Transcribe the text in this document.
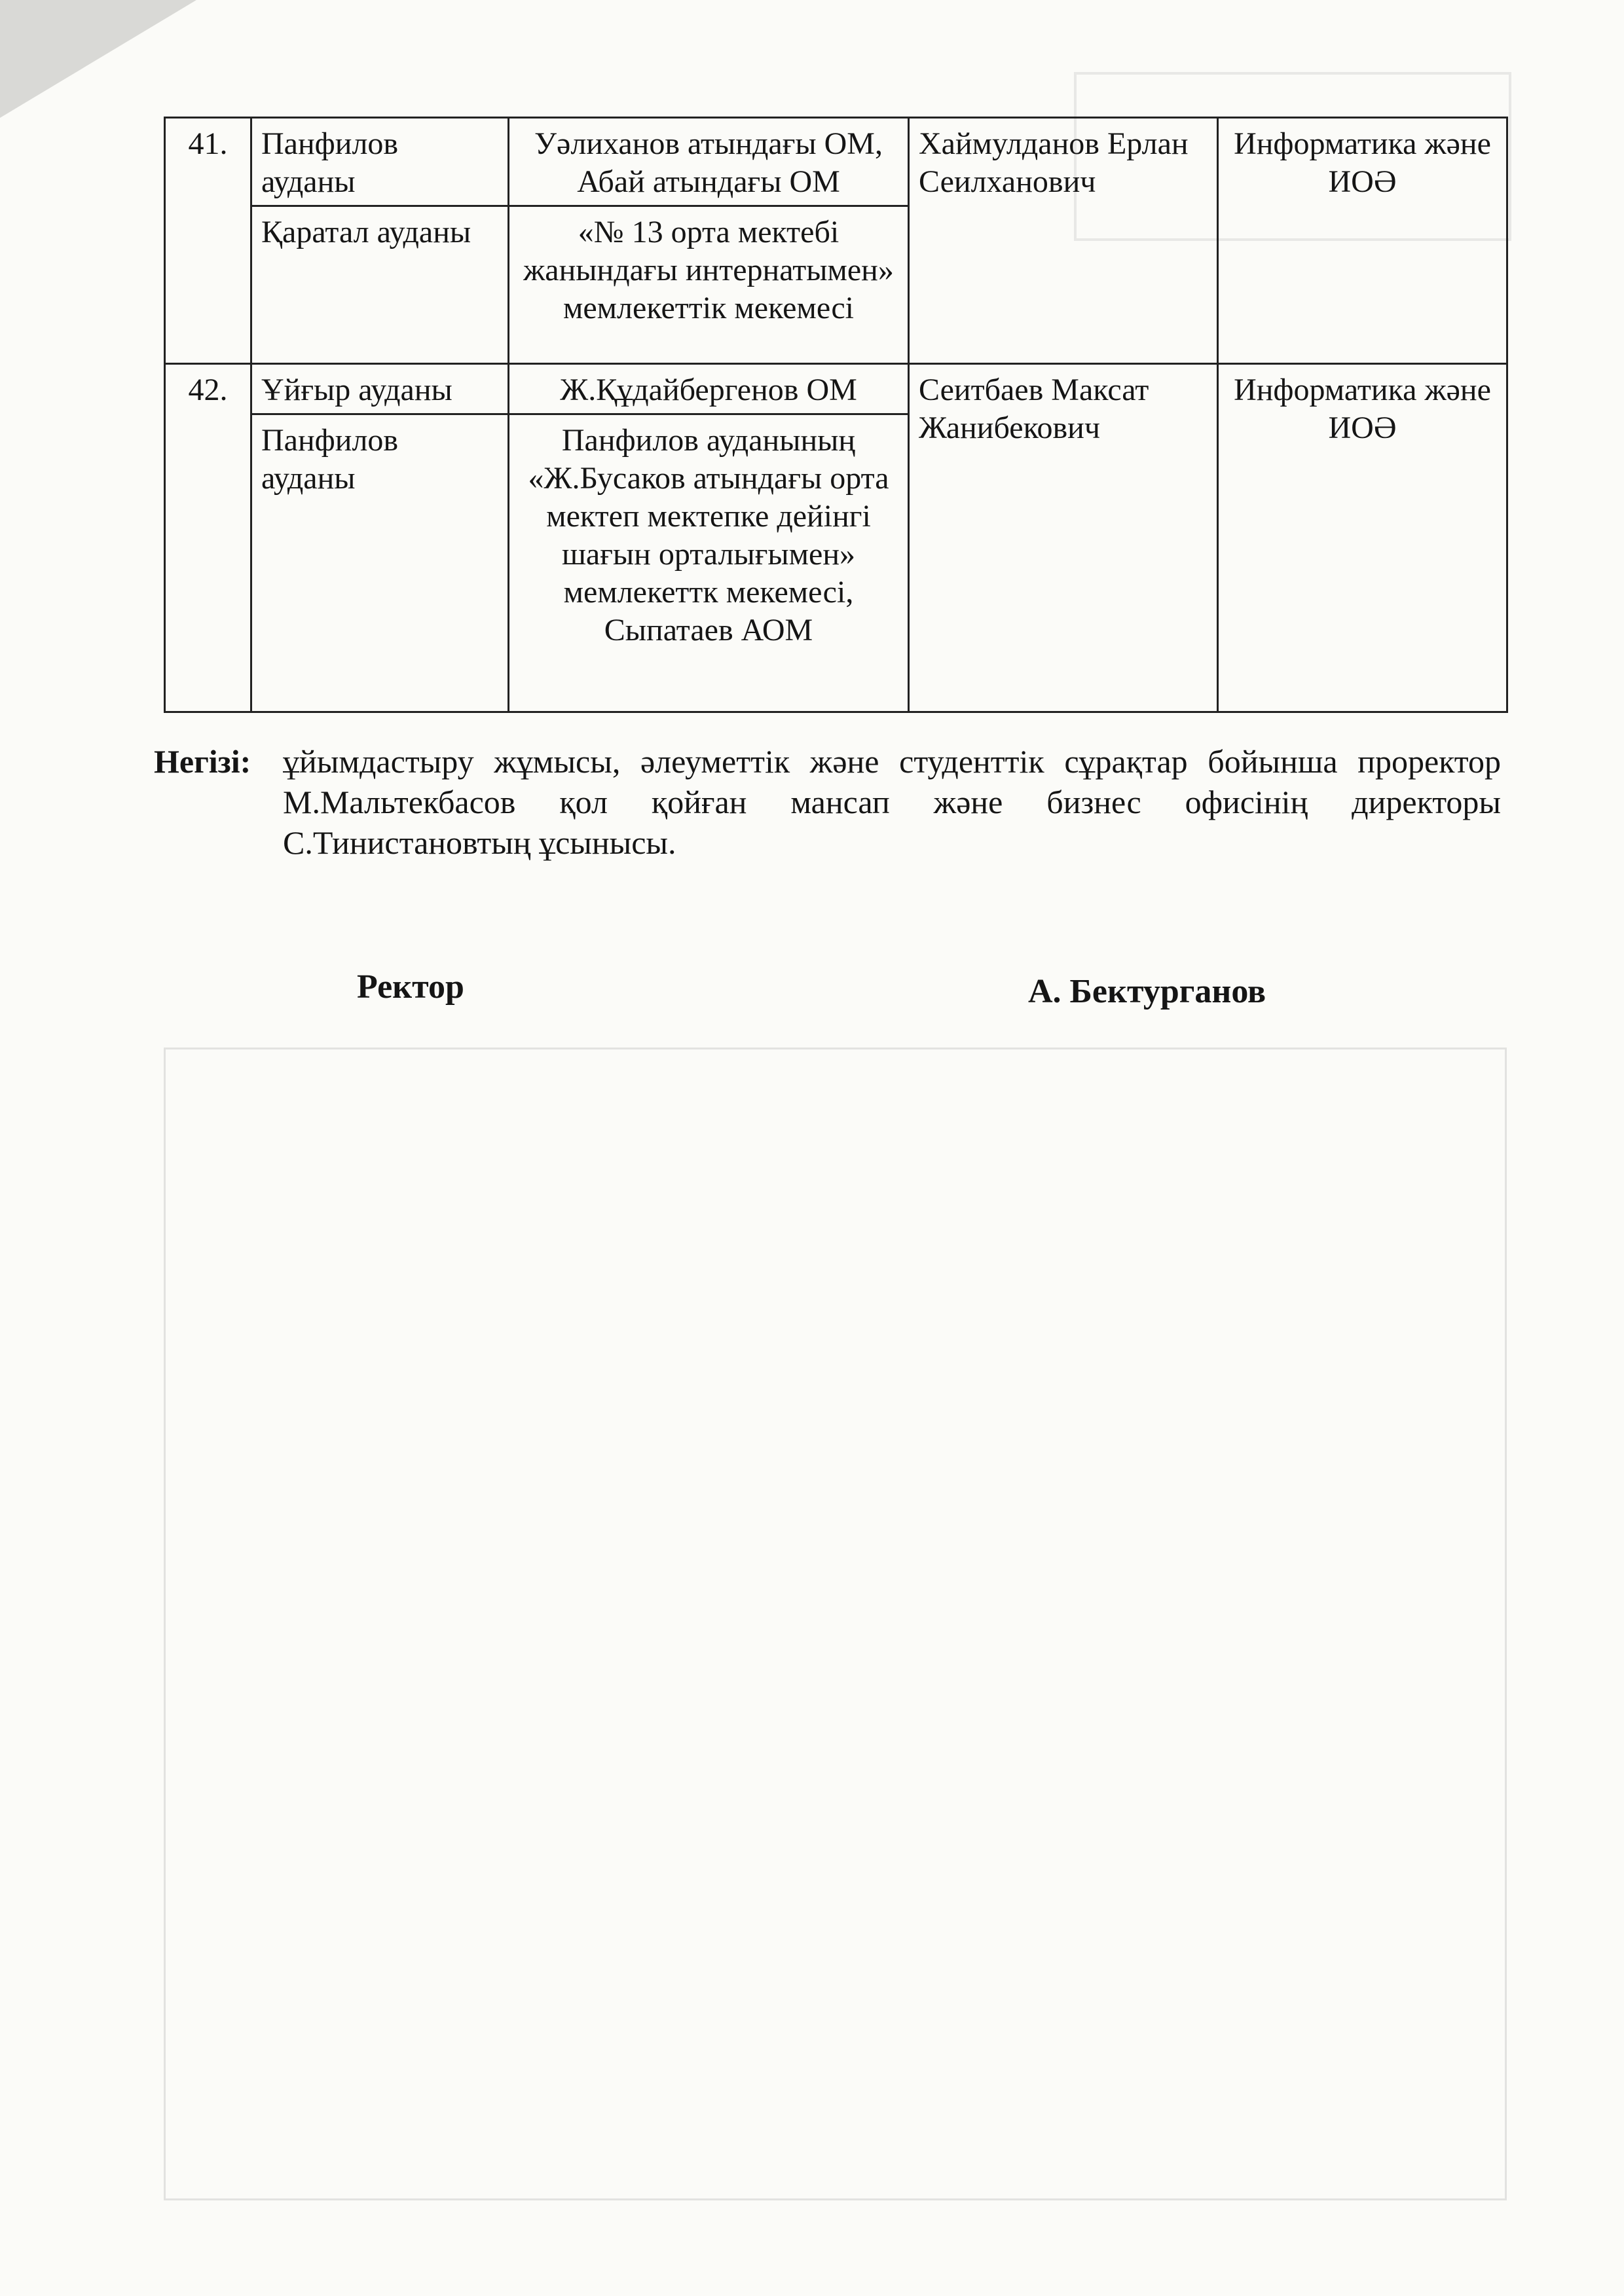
41.	Панфилов ауданы	Уәлиханов атындағы ОМ, Абай атындағы ОМ	Хаймулданов Ерлан Сеилханович	Информатика және ИОӘ
	Қаратал ауданы	«№ 13 орта мектебі жанындағы интернатымен» мемлекеттік мекемесі		
42.	Ұйғыр ауданы	Ж.Құдайбергенов ОМ	Сеитбаев Максат Жанибекович	Информатика және ИОӘ
	Панфилов ауданы	Панфилов ауданының «Ж.Бусаков атындағы орта мектеп мектепке дейінгі шағын орталығымен» мемлекеттк мекемесі, Сыпатаев АОМ		
Негізі: ұйымдастыру жұмысы, әлеуметтік және студенттік сұрақтар бойынша проректор М.Мальтекбасов қол қойған мансап және бизнес офисінің директоры С.Тинистановтың ұсынысы.
Ректор	А. Бектурганов
